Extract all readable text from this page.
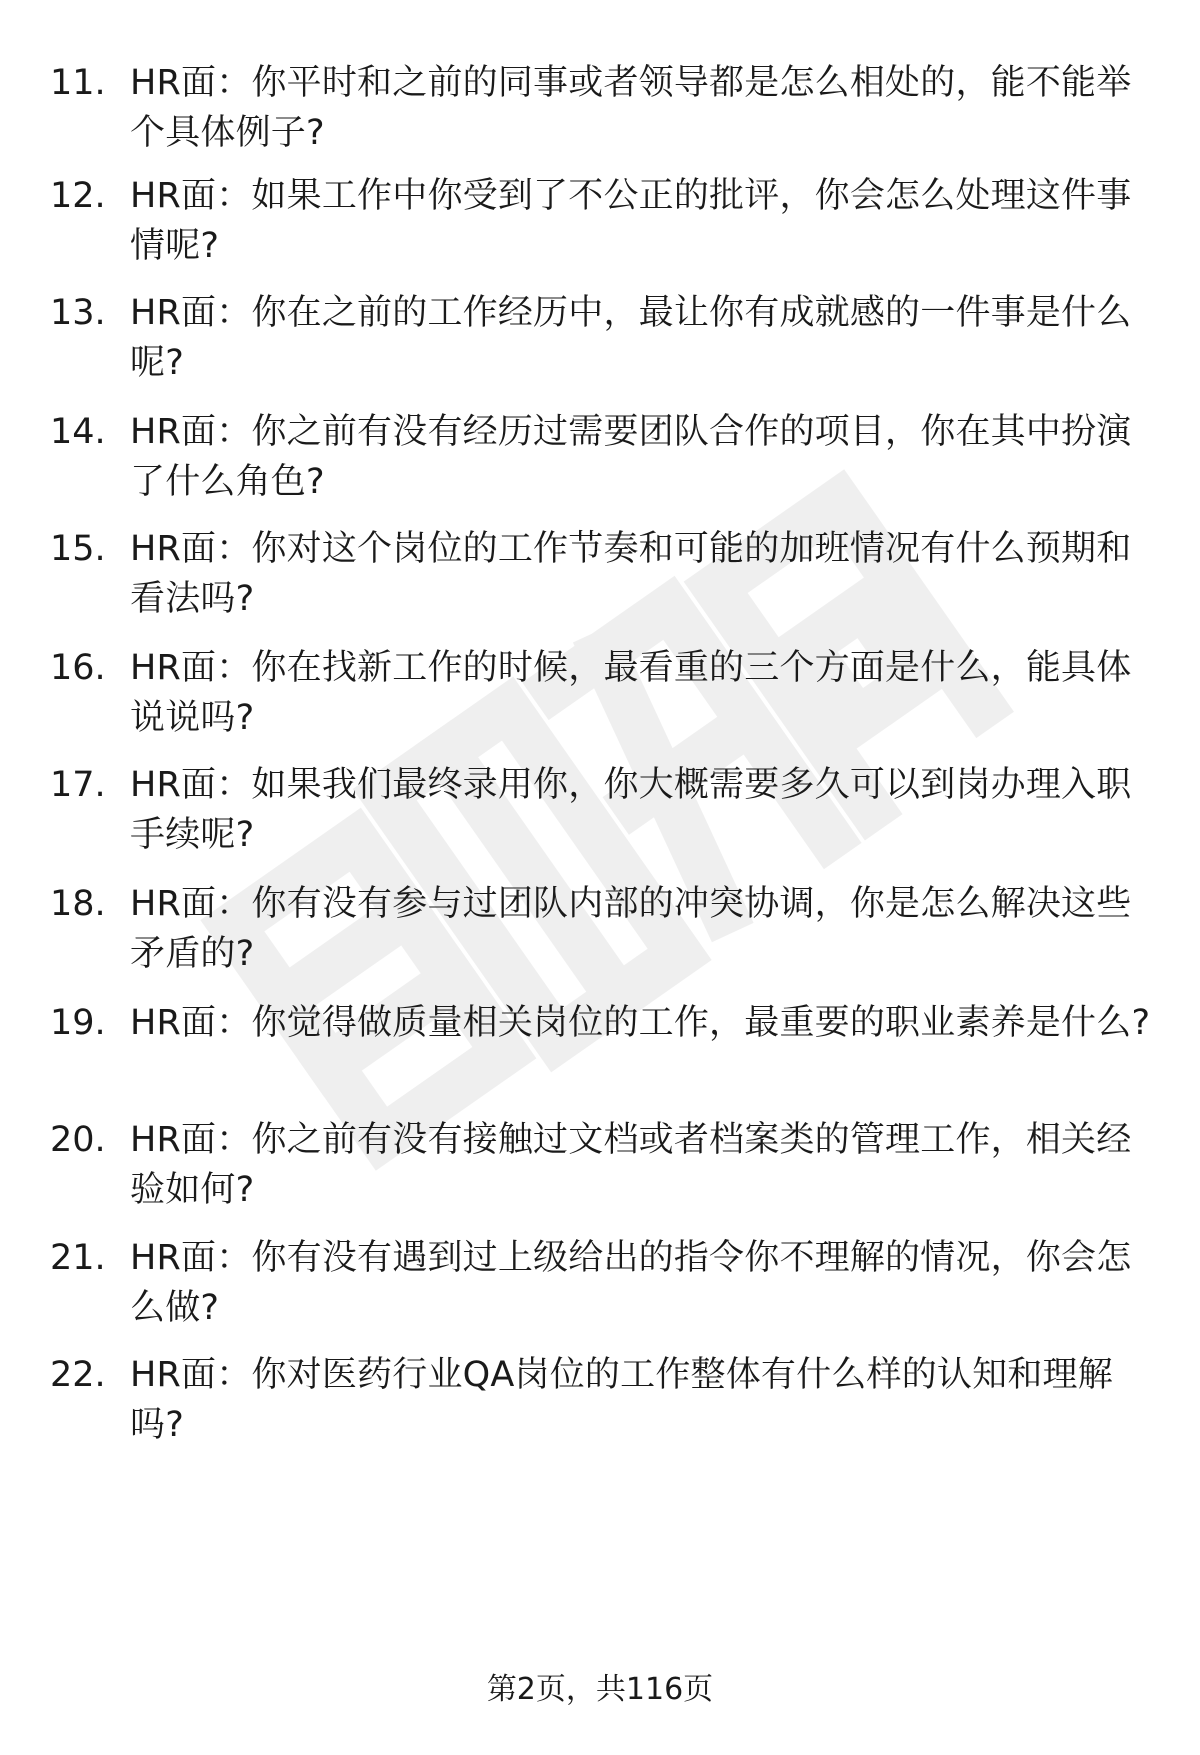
11. HR面：你平时和之前的同事或者领导都是怎么相处的，能不能举个具体例子?
12. HR面：如果工作中你受到了不公正的批评，你会怎么处理这件事情呢?
13. HR面：你在之前的工作经历中，最让你有成就感的一件事是什么呢?
14. HR面：你之前有没有经历过需要团队合作的项目，你在其中扮演了什么角色?
15. HR面：你对这个岗位的工作节奏和可能的加班情况有什么预期和看法吗?
16. HR面：你在找新工作的时候，最看重的三个方面是什么，能具体说说吗?
17. HR面：如果我们最终录用你，你大概需要多久可以到岗办理入职手续呢?
18. HR面：你有没有参与过团队内部的冲突协调，你是怎么解决这些矛盾的?
19. HR面：你觉得做质量相关岗位的工作，最重要的职业素养是什么?
20. HR面：你之前有没有接触过文档或者档案类的管理工作，相关经验如何?
21. HR面：你有没有遇到过上级给出的指令你不理解的情况，你会怎么做?
22. HR面：你对医药行业QA岗位的工作整体有什么样的认知和理解吗?
第2页，共116页
